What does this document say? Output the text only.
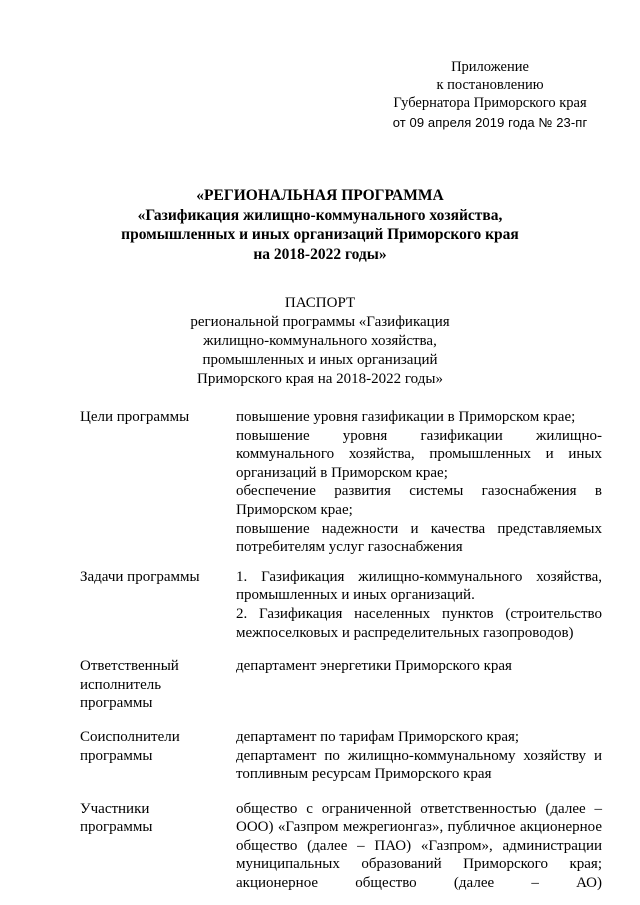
Приложение
к постановлению
Губернатора Приморского края
от 09 апреля 2019 года № 23-пг
«РЕГИОНАЛЬНАЯ ПРОГРАММА
«Газификация жилищно-коммунального хозяйства,
промышленных и иных организаций Приморского края
на 2018-2022 годы»
ПАСПОРТ
региональной программы «Газификация
жилищно-коммунального хозяйства,
промышленных и иных организаций
Приморского края на 2018-2022 годы»
Цели программы	повышение уровня газификации в Приморском крае;

повышение уровня газификации жилищно-коммунального хозяйства, промышленных и иных организаций в Приморском крае;

обеспечение развития системы газоснабжения в Приморском крае;

повышение надежности и качества представляемых потребителям услуг газоснабжения

Задачи программы	1. Газификация жилищно-коммунального хозяйства, промышленных и иных организаций.

2. Газификация населенных пунктов (строительство межпоселковых и распределительных газопроводов)

Ответственный
исполнитель
программы

департамент энергетики Приморского края

Соисполнители
программы

департамент по тарифам Приморского края;

департамент по жилищно-коммунальному хозяйству и топливным ресурсам Приморского края

Участники
программы

общество с ограниченной ответственностью (далее – ООО) «Газпром межрегионгаз», публичное акционерное общество (далее – ПАО) «Газпром», администрации муниципальных образований Приморского края; акционерное общество (далее – АО)
